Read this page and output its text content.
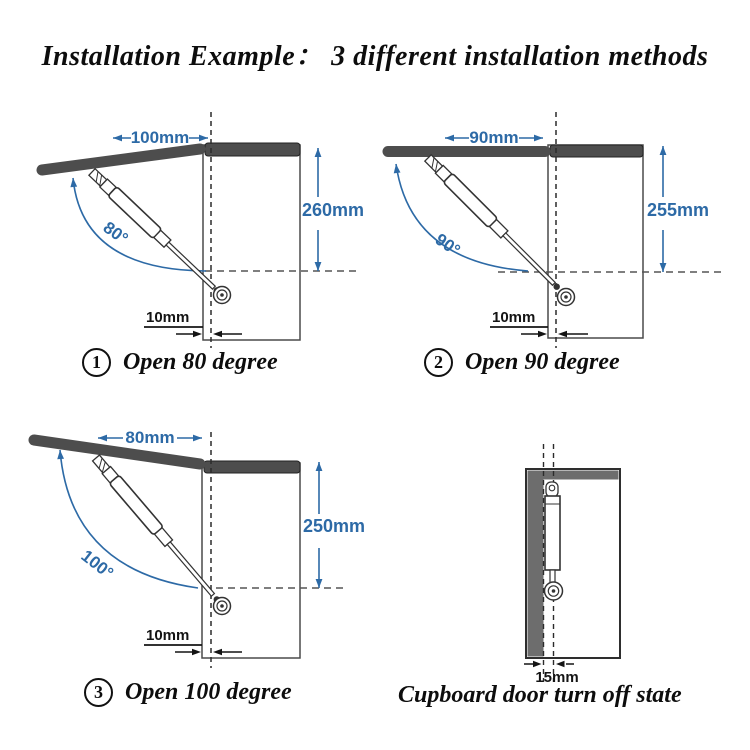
Installation Example： 3 different installation methods
80°
100mm
260mm
10mm
1 Open 80 degree
90°
90mm
255mm
10mm
2 Open 90 degree
100°
80mm
250mm
10mm
3 Open 100 degree
15mm
Cupboard door turn off state
